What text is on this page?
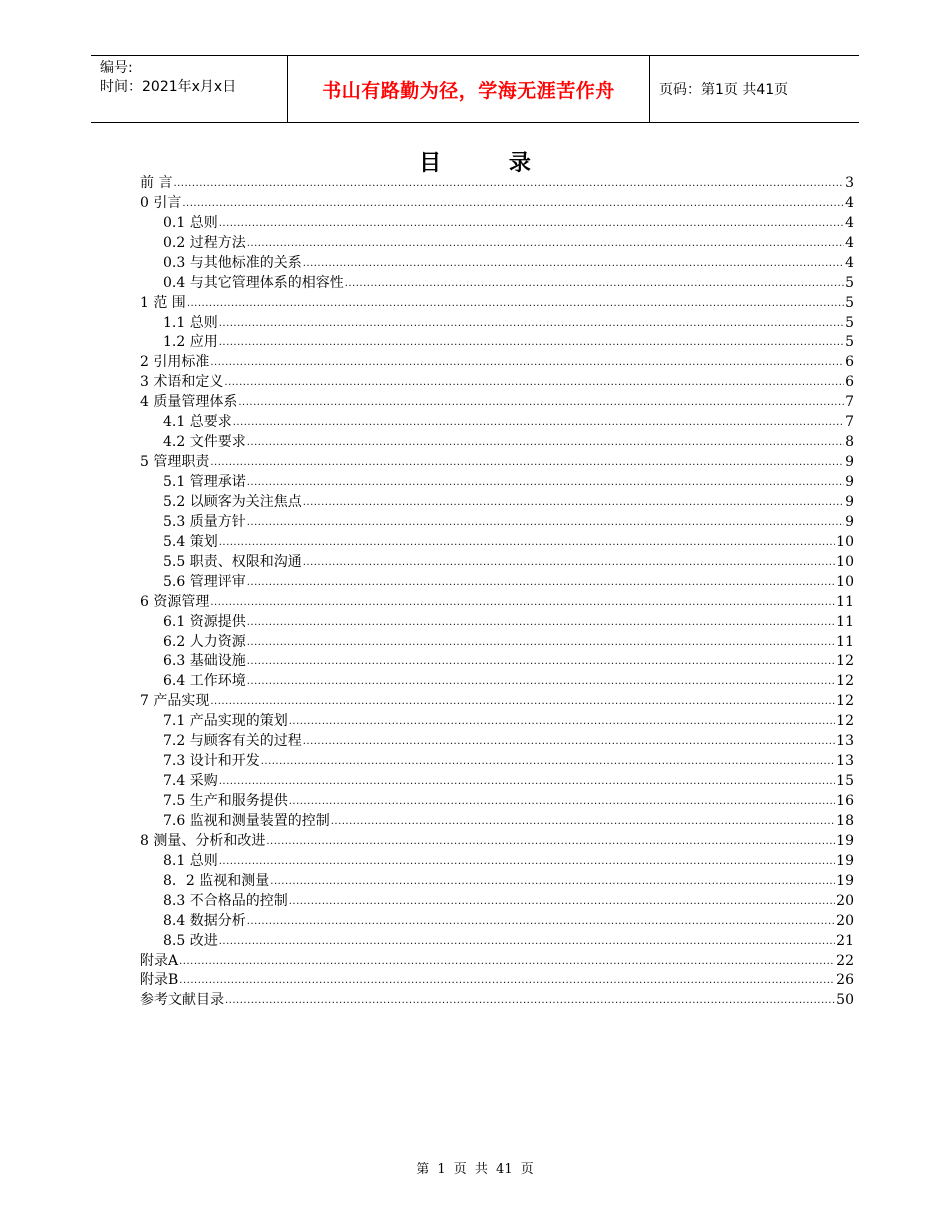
编号:
时间：2021年x月x日	书山有路勤为径，学海无涯苦作舟	页码：第1页 共41页
目 录
前 言 .....	3
0 引言 .....	4
0.1 总则 .....	4
0.2 过程方法 .....	4
0.3 与其他标准的关系 .....	4
0.4 与其它管理体系的相容性 .....	5
1 范 围 .....	5
1.1 总则 .....	5
1.2 应用 .....	5
2 引用标准 .....	6
3 术语和定义 .....	6
4 质量管理体系 .....	7
4.1 总要求 .....	7
4.2 文件要求 .....	8
5 管理职责 .....	9
5.1 管理承诺 .....	9
5.2 以顾客为关注焦点 .....	9
5.3 质量方针 .....	9
5.4 策划 .....	10
5.5 职责、权限和沟通 .....	10
5.6 管理评审 .....	10
6 资源管理 .....	11
6.1 资源提供 .....	11
6.2 人力资源 .....	11
6.3 基础设施 .....	12
6.4 工作环境 .....	12
7 产品实现 .....	12
7.1 产品实现的策划 .....	12
7.2 与顾客有关的过程 .....	13
7.3 设计和开发 .....	13
7.4 采购 .....	15
7.5 生产和服务提供 .....	16
7.6 监视和测量装置的控制 .....	18
8 测量、分析和改进 .....	19
8.1 总则 .....	19
8．2 监视和测量 .....	19
8.3 不合格品的控制 .....	20
8.4 数据分析 .....	20
8.5 改进 .....	21
附录A .....	22
附录B .....	26
参考文献目录 .....	50
第 1 页 共 41 页
